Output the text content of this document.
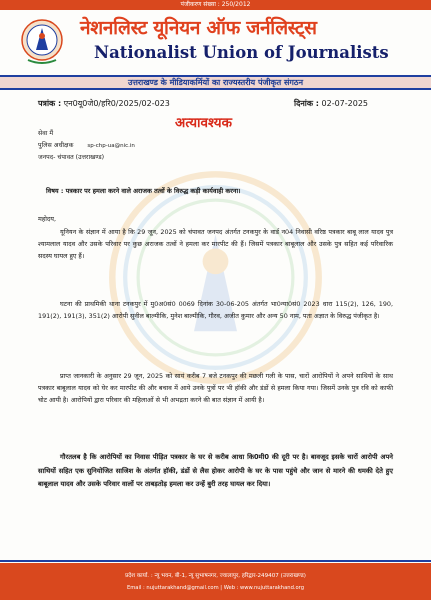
पंजीकरण संख्या : 250/2012
नेशनलिस्ट यूनियन ऑफ जर्नलिस्ट्स
Nationalist Union of Journalists
उत्तराखण्ड के मीडियाकर्मियों का राज्यस्तरीय पंजीकृत संगठन
पत्रांक : एन0यू0जे0/हरि0/2025/02-023	दिनांक : 02-07-2025
अत्यावश्यक
सेवा मैं
पुलिस अधीक्षक	sp-chp-ua@nic.in
जनपद- चंपावत (उत्तराखण्ड)
विषय : पत्रकार पर हमला करने वाले अराजक तत्वों के विरुद्ध कड़ी कार्यवाही करना।
महोदय,
यूनियन के संज्ञान में आया है कि 29 जून, 2025 को चंपावत जनपद अंतर्गत टनकपुर के वार्ड न04 निवासी वरिष्ठ पत्रकार बाबू लाल यादव पुत्र श्यामलाल यादव और उसके परिवार पर कुछ अराजक तत्वों ने हमला कर मारपीट की हैं। जिसमें पत्रकार बाबूलाल और उसके पुत्र सहित कई परिवारिक सदस्य घायल हुए हैं।
घटना की प्राथमिकी थाना टनकपुर में मु0अ0सं0 0069 दिनांक 30-06-205 अंतर्गत भा0न्या0सं0 2023 धारा 115(2), 126, 190, 191(2), 191(3), 351(2) आरोपी सुनील बाल्मीकि, मुनेश बाल्मीकि, गौरव, अजीत कुमार और अन्य 50 नाम, पता अज्ञात के विरुद्ध पंजीकृत है।
प्राप्त जानकारी के अनुसार 29 जून, 2025 को सायं करीब 7 बजे टनकपुर की मछली गली के पास, चारों आरोपियों ने अपने साथियों के साथ पत्रकार बाबूलाल यादव को घेर कर मारपीट की और बचाव में आये उनके पुत्रों पर भी हॉकी और डंडों से हमला किया गया। जिसमें उनके पुत्र रवि को काफी चोट आयी है। आरोपियों द्वारा परिवार की महिलाओं से भी अभद्रता करने की बात संज्ञान में आयी है।
गौरतलब है कि आरोपियों का निवास पीड़ित पत्रकार के घर से करीब आधा कि0मी0 की दूरी पर है। बावजूद इसके चारों आरोपी अपने साथियों सहित एक सुनियोजित साजिश के अंतर्गत हॉकी, डंडों से लैस होकर आरोपी के घर के पास पहुंचे और जान से मारने की धमकी देते हुए बाबूलाल यादव और उसके परिवार वालों पर ताबड़तोड़ हमला कर उन्हें बुरी तरह घायल कर दिया।
प्रदेश कार्या. : न्यू भवन, बी-1, न्यू सुभाषनगर, ज्वालापुर, हरिद्वार-249407 (उत्तराखण्ड)
Email : nujuttarakhand@gmail.com | Web : www.nujuttarakhand.org
